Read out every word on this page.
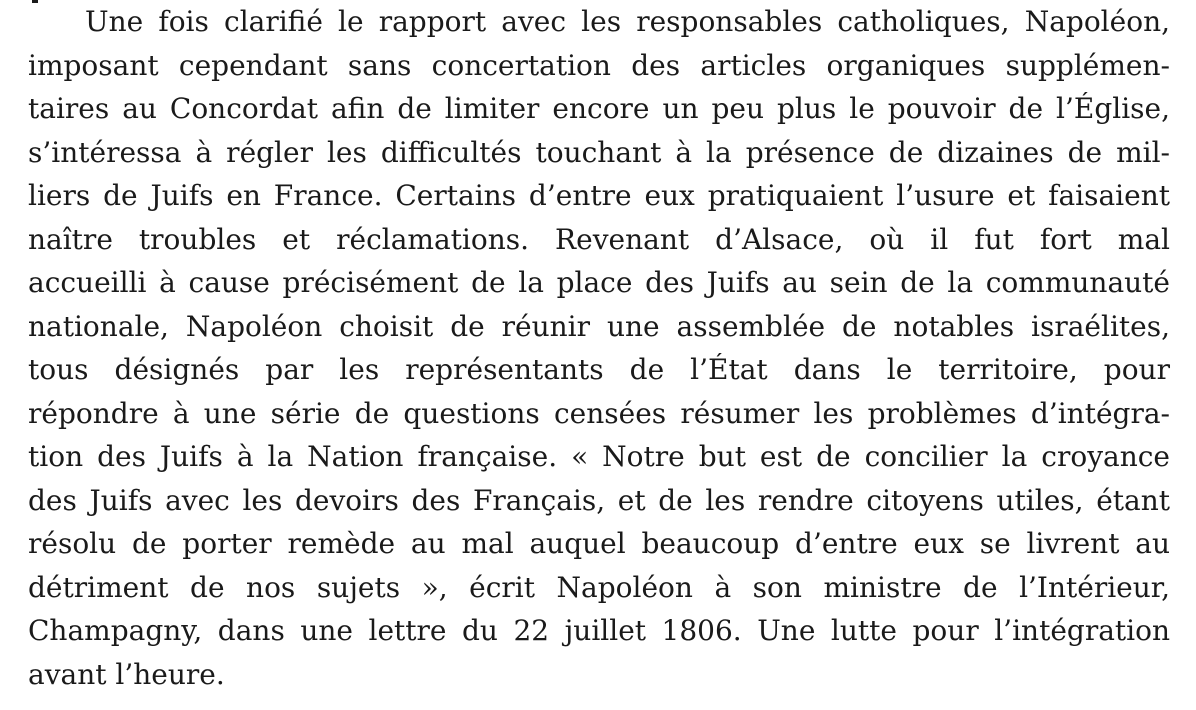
Une fois clarifié le rapport avec les responsables catholiques, Napoléon,
imposant cependant sans concertation des articles organiques supplémen-
taires au Concordat afin de limiter encore un peu plus le pouvoir de l’Église,
s’intéressa à régler les difficultés touchant à la présence de dizaines de mil-
liers de Juifs en France. Certains d’entre eux pratiquaient l’usure et faisaient
naître troubles et réclamations. Revenant d’Alsace, où il fut fort mal
accueilli à cause précisément de la place des Juifs au sein de la communauté
nationale, Napoléon choisit de réunir une assemblée de notables israélites,
tous désignés par les représentants de l’État dans le territoire, pour
répondre à une série de questions censées résumer les problèmes d’intégra-
tion des Juifs à la Nation française. « Notre but est de concilier la croyance
des Juifs avec les devoirs des Français, et de les rendre citoyens utiles, étant
résolu de porter remède au mal auquel beaucoup d’entre eux se livrent au
détriment de nos sujets », écrit Napoléon à son ministre de l’Intérieur,
Champagny, dans une lettre du 22 juillet 1806. Une lutte pour l’intégration
avant l’heure.
